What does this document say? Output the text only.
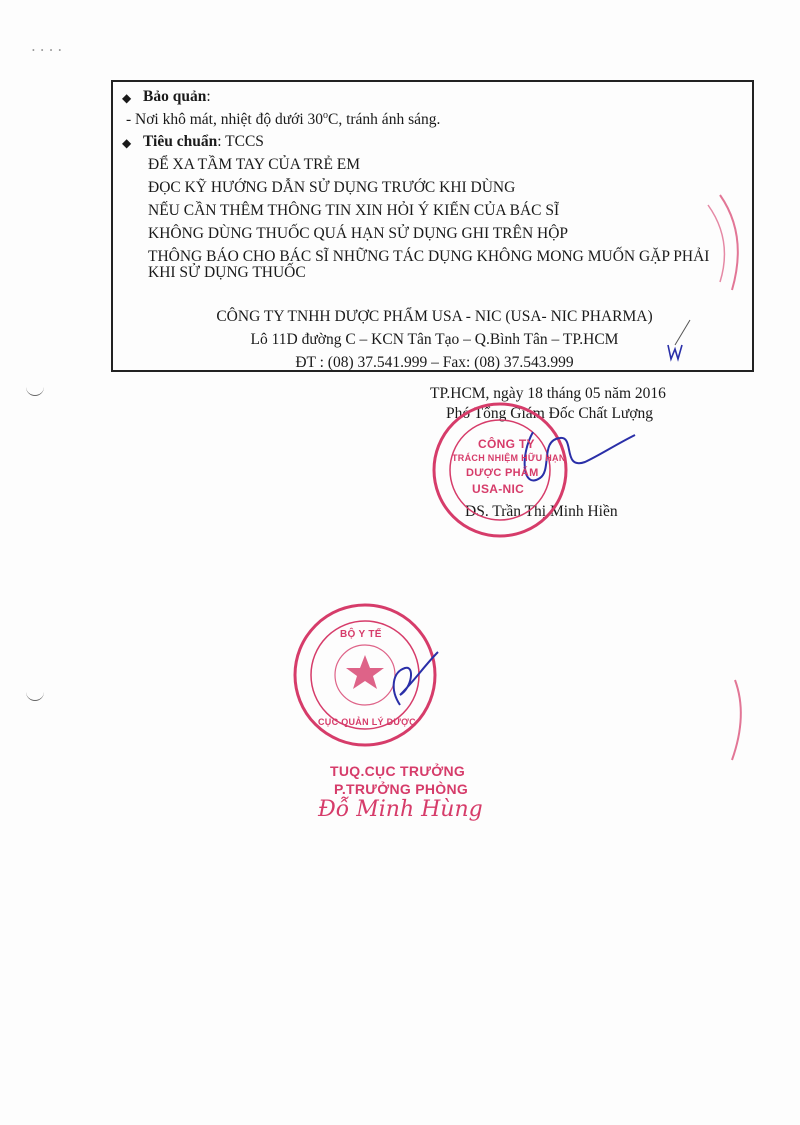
••••
◆ Bảo quản:
- Nơi khô mát, nhiệt độ dưới 30$^o$C, tránh ánh sáng.
◆ Tiêu chuẩn: TCCS
ĐỂ XA TẦM TAY CỦA TRẺ EM
ĐỌC KỸ HƯỚNG DẪN SỬ DỤNG TRƯỚC KHI DÙNG
NẾU CẦN THÊM THÔNG TIN XIN HỎI Ý KIẾN CỦA BÁC SĨ
KHÔNG DÙNG THUỐC QUÁ HẠN SỬ DỤNG GHI TRÊN HỘP
THÔNG BÁO CHO BÁC SĨ NHỮNG TÁC DỤNG KHÔNG MONG MUỐN GẶP PHẢI
KHI SỬ DỤNG THUỐC
CÔNG TY TNHH DƯỢC PHẨM USA - NIC (USA- NIC PHARMA)
Lô 11D đường C – KCN Tân Tạo – Q.Bình Tân – TP.HCM
ĐT : (08) 37.541.999 – Fax: (08) 37.543.999
TP.HCM, ngày 18 tháng 05 năm 2016
Phó Tổng Giám Đốc Chất Lượng
DS. Trần Thị Minh Hiền
CÔNG TY
TRÁCH NHIỆM HỮU HẠN
DƯỢC PHẨM
USA-NIC
BỘ Y TẾ
CỤC QUẢN LÝ DƯỢC
TUQ.CỤC TRƯỞNG
P.TRƯỞNG PHÒNG
Đỗ Minh Hùng
